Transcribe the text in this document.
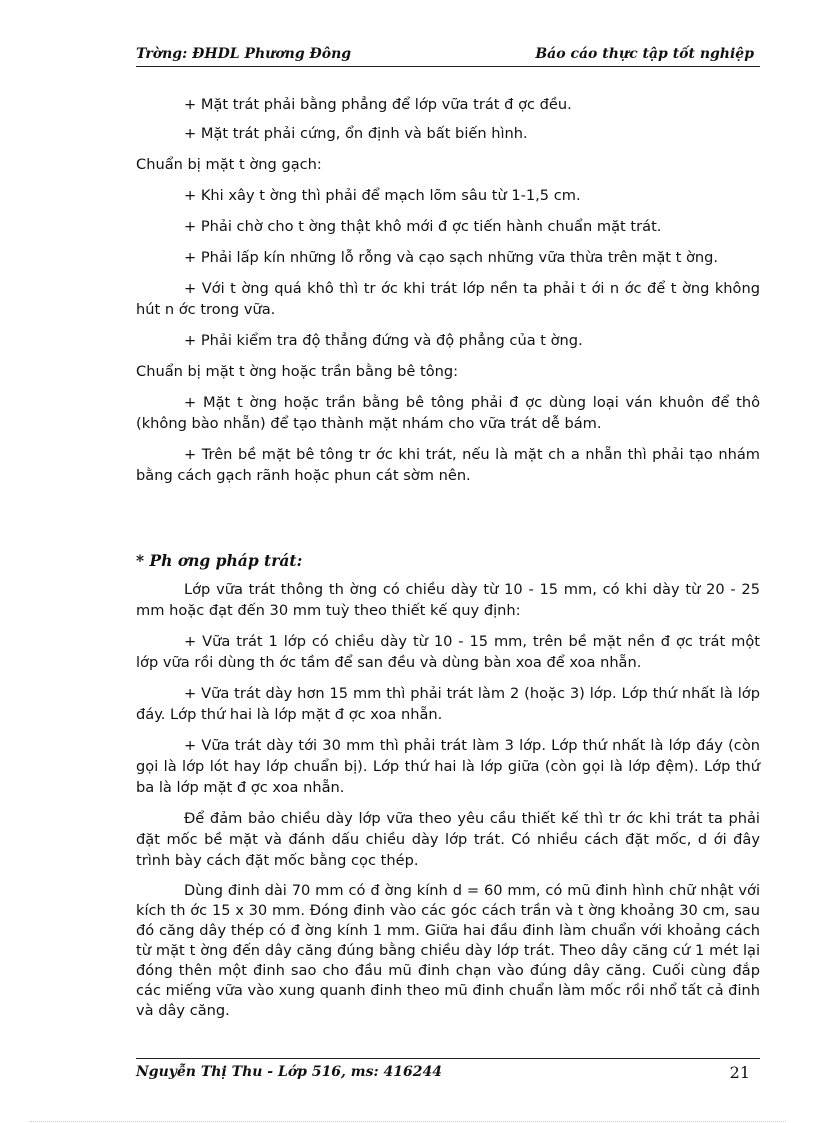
Trờng: ĐHDL Phương Đông	Báo cáo thực tập tốt nghiệp

+ Mặt trát phải bằng phẳng để lớp vữa trát đ ợc đều.

+ Mặt trát phải cứng, ổn định và bất biến hình.

Chuẩn bị mặt t ờng gạch:

+ Khi xây t ờng thì phải để mạch lõm sâu từ 1-1,5 cm.

+ Phải chờ cho t ờng thật khô mới đ ợc tiến hành chuẩn mặt trát.

+ Phải lấp kín những lỗ rỗng và cạo sạch những vữa thừa trên mặt t ờng.

+ Với t ờng quá khô thì tr ớc khi trát lớp nền ta phải t ới n ớc để t ờng không hút n ớc trong vữa.

+ Phải kiểm tra độ thẳng đứng và độ phẳng của t ờng.

Chuẩn bị mặt t ờng hoặc trần bằng bê tông:

+ Mặt t ờng hoặc trần bằng bê tông phải đ ợc dùng loại ván khuôn để thô (không bào nhẵn) để tạo thành mặt nhám cho vữa trát dễ bám.

+ Trên bề mặt bê tông tr ớc khi trát, nếu là mặt ch a nhẵn thì phải tạo nhám bằng cách gạch rãnh hoặc phun cát sờm nên.

* Ph ơng pháp trát:

Lớp vữa trát thông th ờng có chiều dày từ 10 - 15 mm, có khi dày từ 20 - 25 mm hoặc đạt đến 30 mm tuỳ theo thiết kế quy định:

+ Vữa trát 1 lớp có chiều dày từ 10 - 15 mm, trên bề mặt nền đ ợc trát một lớp vữa rồi dùng th ớc tầm để san đều và dùng bàn xoa để xoa nhẵn.

+ Vữa trát dày hơn 15 mm thì phải trát làm 2 (hoặc 3) lớp. Lớp thứ nhất là lớp đáy. Lớp thứ hai là lớp mặt đ ợc xoa nhẵn.

+ Vữa trát dày tới 30 mm thì phải trát làm 3 lớp. Lớp thứ nhất là lớp đáy (còn gọi là lớp lót hay lớp chuẩn bị). Lớp thứ hai là lớp giữa (còn gọi là lớp đệm). Lớp thứ ba là lớp mặt đ ợc xoa nhẵn.

Để đảm bảo chiều dày lớp vữa theo yêu cầu thiết kế thì tr ớc khi trát ta phải đặt mốc bề mặt và đánh dấu chiều dày lớp trát. Có nhiều cách đặt mốc, d ới đây trình bày cách đặt mốc bằng cọc thép.

Dùng đinh dài 70 mm có đ ờng kính d = 60 mm, có mũ đinh hình chữ nhật với kích th ớc 15 x 30 mm. Đóng đinh vào các góc cách trần và t ờng khoảng 30 cm, sau đó căng dây thép có đ ờng kính 1 mm. Giữa hai đầu đinh làm chuẩn với khoảng cách từ mặt t ờng đến dây căng đúng bằng chiều dày lớp trát. Theo dây căng cứ 1 mét lại đóng thên một đinh sao cho đầu mũ đinh chạn vào đúng dây căng. Cuối cùng đắp các miếng vữa vào xung quanh đinh theo mũ đinh chuẩn làm mốc rồi nhổ tất cả đinh và dây căng.

Nguyễn Thị Thu - Lớp 516, ms: 416244	21
